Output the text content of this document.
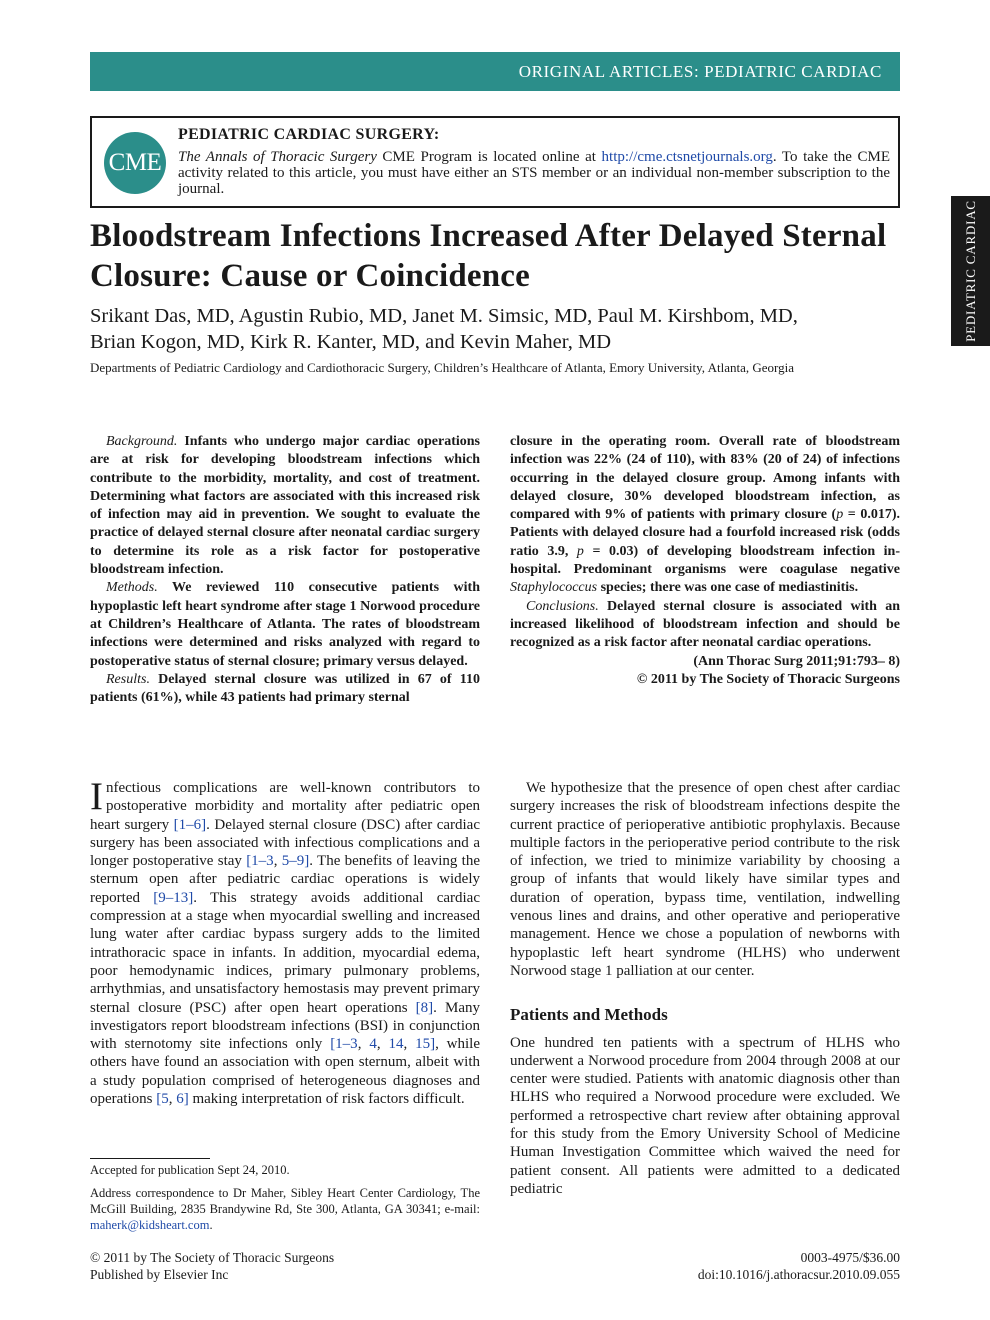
ORIGINAL ARTICLES: PEDIATRIC CARDIAC
PEDIATRIC CARDIAC
CME
PEDIATRIC CARDIAC SURGERY:
The Annals of Thoracic Surgery CME Program is located online at http://cme.ctsnetjournals.org. To take the CME activity related to this article, you must have either an STS member or an individual non-member subscription to the journal.
Bloodstream Infections Increased After Delayed Sternal Closure: Cause or Coincidence
Srikant Das, MD, Agustin Rubio, MD, Janet M. Simsic, MD, Paul M. Kirshbom, MD,
Brian Kogon, MD, Kirk R. Kanter, MD, and Kevin Maher, MD
Departments of Pediatric Cardiology and Cardiothoracic Surgery, Children’s Healthcare of Atlanta, Emory University, Atlanta, Georgia

Background. Infants who undergo major cardiac operations are at risk for developing bloodstream infections which contribute to the morbidity, mortality, and cost of treatment. Determining what factors are associated with this increased risk of infection may aid in prevention. We sought to evaluate the practice of delayed sternal closure after neonatal cardiac surgery to determine its role as a risk factor for postoperative bloodstream infection.

Methods. We reviewed 110 consecutive patients with hypoplastic left heart syndrome after stage 1 Norwood procedure at Children’s Healthcare of Atlanta. The rates of bloodstream infections were determined and risks analyzed with regard to postoperative status of sternal closure; primary versus delayed.

Results. Delayed sternal closure was utilized in 67 of 110 patients (61%), while 43 patients had primary sternal

closure in the operating room. Overall rate of bloodstream infection was 22% (24 of 110), with 83% (20 of 24) of infections occurring in the delayed closure group. Among infants with delayed closure, 30% developed bloodstream infection, as compared with 9% of patients with primary closure (p = 0.017). Patients with delayed closure had a fourfold increased risk (odds ratio 3.9, p = 0.03) of developing bloodstream infection in-hospital. Predominant organisms were coagulase negative Staphylococcus species; there was one case of mediastinitis.

Conclusions. Delayed sternal closure is associated with an increased likelihood of bloodstream infection and should be recognized as a risk factor after neonatal cardiac operations.

(Ann Thorac Surg 2011;91:793– 8)
© 2011 by The Society of Thoracic Surgeons

Infectious complications are well-known contributors to postoperative morbidity and mortality after pediatric open heart surgery [1–6]. Delayed sternal closure (DSC) after cardiac surgery has been associated with infectious complications and a longer postoperative stay [1–3, 5–9]. The benefits of leaving the sternum open after pediatric cardiac operations is widely reported [9–13]. This strategy avoids additional cardiac compression at a stage when myocardial swelling and increased lung water after cardiac bypass surgery adds to the limited intrathoracic space in infants. In addition, myocardial edema, poor hemodynamic indices, primary pulmonary problems, arrhythmias, and unsatisfactory hemostasis may prevent primary sternal closure (PSC) after open heart operations [8]. Many investigators report bloodstream infections (BSI) in conjunction with sternotomy site infections only [1–3, 4, 14, 15], while others have found an association with open sternum, albeit with a study population comprised of heterogeneous diagnoses and operations [5, 6] making interpretation of risk factors difficult.

We hypothesize that the presence of open chest after cardiac surgery increases the risk of bloodstream infections despite the current practice of perioperative antibiotic prophylaxis. Because multiple factors in the perioperative period contribute to the risk of infection, we tried to minimize variability by choosing a group of infants that would likely have similar types and duration of operation, bypass time, ventilation, indwelling venous lines and drains, and other operative and perioperative management. Hence we chose a population of newborns with hypoplastic left heart syndrome (HLHS) who underwent Norwood stage 1 palliation at our center.

Patients and Methods

One hundred ten patients with a spectrum of HLHS who underwent a Norwood procedure from 2004 through 2008 at our center were studied. Patients with anatomic diagnosis other than HLHS who required a Norwood procedure were excluded. We performed a retrospective chart review after obtaining approval for this study from the Emory University School of Medicine Human Investigation Committee which waived the need for patient consent. All patients were admitted to a dedicated pediatric

Accepted for publication Sept 24, 2010.

Address correspondence to Dr Maher, Sibley Heart Center Cardiology, The McGill Building, 2835 Brandywine Rd, Ste 300, Atlanta, GA 30341; e-mail: maherk@kidsheart.com.

© 2011 by The Society of Thoracic Surgeons
Published by Elsevier Inc
0003-4975/$36.00
doi:10.1016/j.athoracsur.2010.09.055
